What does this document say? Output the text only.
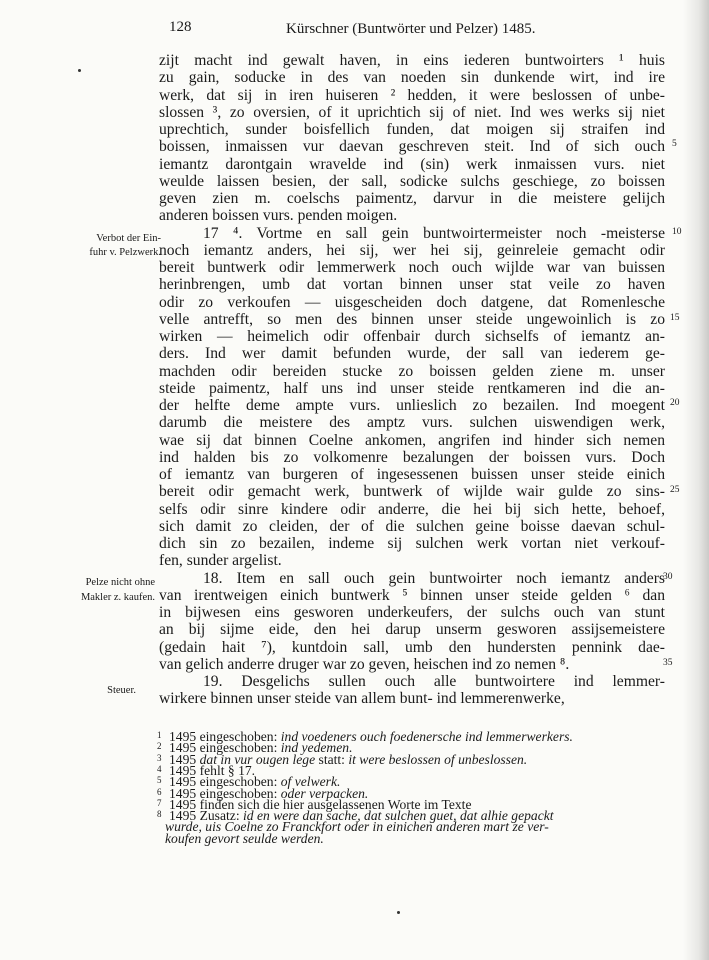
128	Kürschner (Buntwörter und Pelzer) 1485.
zijt macht ind gewalt haven, in eins iederen buntwoirters ¹ huis
zu gain, soducke in des van noeden sin dunkende wirt, ind ire
werk, dat sij in iren huiseren ² hedden, it were beslossen of unbe-
slossen ³, zo oversien, of it uprichtich sij of niet. Ind wes werks sij niet
uprechtich, sunder boisfellich funden, dat moigen sij straifen ind
boissen, inmaissen vur daevan geschreven steit. Ind of sich ouch
iemantz darontgain wravelde ind (sin) werk inmaissen vurs. niet
weulde laissen besien, der sall, sodicke sulchs geschiege, zo boissen
geven zien m. coelschs paimentz, darvur in die meistere gelijch
anderen boissen vurs. penden moigen.
17 ⁴. Vortme en sall gein buntwoirtermeister noch -meisterse
noch iemantz anders, hei sij, wer hei sij, geinreleie gemacht odir
bereit buntwerk odir lemmerwerk noch ouch wijlde war van buissen
herinbrengen, umb dat vortan binnen unser stat veile zo haven
odir zo verkoufen — uisgescheiden doch datgene, dat Romenlesche
velle antrefft, so men des binnen unser steide ungewoinlich is zo
wirken — heimelich odir offenbair durch sichselfs of iemantz an-
ders. Ind wer damit befunden wurde, der sall van iederem ge-
machden odir bereiden stucke zo boissen gelden ziene m. unser
steide paimentz, half uns ind unser steide rentkameren ind die an-
der helfte deme ampte vurs. unlieslich zo bezailen. Ind moegent
darumb die meistere des amptz vurs. sulchen uiswendigen werk,
wae sij dat binnen Coelne ankomen, angrifen ind hinder sich nemen
ind halden bis zo volkomenre bezalungen der boissen vurs. Doch
of iemantz van burgeren of ingesessenen buissen unser steide einich
bereit odir gemacht werk, buntwerk of wijlde wair gulde zo sins-
selfs odir sinre kindere odir anderre, die hei bij sich hette, behoef,
sich damit zo cleiden, der of die sulchen geine boisse daevan schul-
dich sin zo bezailen, indeme sij sulchen werk vortan niet verkouf-
fen, sunder argelist.
18. Item en sall ouch gein buntwoirter noch iemantz anders
van irentweigen einich buntwerk ⁵ binnen unser steide gelden ⁶ dan
in bijwesen eins gesworen underkeufers, der sulchs ouch van stunt
an bij sijme eide, den hei darup unserm gesworen assijsemeistere
(gedain hait ⁷), kuntdoin sall, umb den hundersten pennink dae-
van gelich anderre druger war zo geven, heischen ind zo nemen ⁸.
19. Desgelichs sullen ouch alle buntwoirtere ind lemmer-
wirkere binnen unser steide van allem bunt- ind lemmerenwerke,
Verbot der Ein-
fuhr v. Pelzwerk.
Pelze nicht ohne
Makler z. kaufen.
Steuer.
5
10
15
20
25
30
35
1 1495 eingeschoben: ind voedeners ouch foedenersche ind lemmerwerkers.
2 1495 eingeschoben: ind yedemen.
3 1495 dat in vur ougen lege statt: it were beslossen of unbeslossen.
4 1495 fehlt § 17.
5 1495 eingeschoben: of velwerk.
6 1495 eingeschoben: oder verpacken.
7 1495 finden sich die hier ausgelassenen Worte im Texte
8 1495 Zusatz: id en were dan sache, dat sulchen guet, dat alhie gepackt
wurde, uis Coelne zo Franckfort oder in einichen anderen mart ze ver-
koufen gevort seulde werden.
